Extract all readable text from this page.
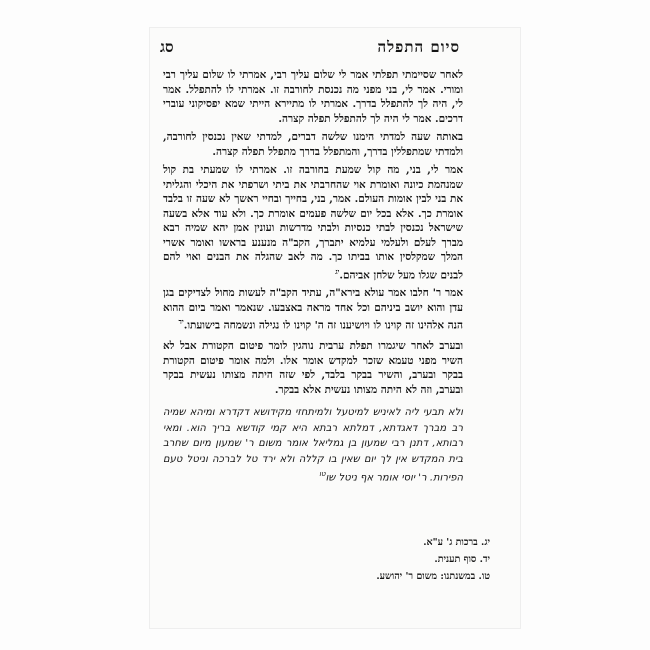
סיום התפלה
סג

לאחר שסיימתי תפלתי אמר לי שלום עליך רבי, אמרתי לו שלום עליך רבי ומורי. אמר לי, בני מפני מה נכנסת לחורבה זו. אמרתי לו להתפלל. אמר לי, היה לך להתפלל בדרך. אמרתי לו מתיירא הייתי שמא יפסיקוני עוברי דרכים. אמר לי היה לך להתפלל תפלה קצרה.

באותה שעה למדתי הימנו שלשה דברים, למדתי שאין נכנסין לחורבה, ולמדתי שמתפללין בדרך, והמתפלל בדרך מתפלל תפלה קצרה.

אמר לי, בני, מה קול שמעת בחורבה זו. אמרתי לו שמעתי בת קול שמנהמת כיונה ואומרת אוי שהחרבתי את ביתי ושרפתי את היכלי והגליתי את בני לבין אומות העולם. אמר, בני, בחייך ובחיי ראשך לא שעה זו בלבד אומרת כך. אלא בכל יום שלשה פעמים אומרת כך. ולא עוד אלא בשעה שישראל נכנסין לבתי כנסיות ולבתי מדרשות ועונין אמן יהא שמיה רבא מברך לעלם ולעלמי עלמיא יתברך, הקב"ה מנענע בראשו ואומר אשרי המלך שמקלסין אותו בביתו כך. מה לאב שהגלה את הבנים ואוי להם לבנים שגלו מעל שלחן אביהם.$^{יג}$

אמר ר' חלבו אמר עולא בירא"ה, עתיד הקב"ה לעשות מחול לצדיקים בגן עדן והוא יושב ביניהם וכל אחד מראה באצבעו. שנאמר ואמר ביום ההוא הנה אלהינו זה קוינו לו ויושיענו זה ה' קוינו לו נגילה ונשמחה בישועתו.$^{יד}$

ובערב לאחר שיגמרו תפלת ערבית נוהגין לומר פיטום הקטורת אבל לא השיר מפני טעמא שזכר למקדש אומר אלו. ולמה אומר פיטום הקטורת בבקר ובערב, והשיר בבקר בלבד, לפי שזה היתה מצותו נעשית בבקר ובערב, וזה לא היתה מצותו נעשית אלא בבקר.

ולא תבעי ליה לאיניש למיטעל ולמיתחזי מקידושא דקדרא ומיהא שמיה רב מברך דאגדתא, דמלתא רבתא היא קמי קודשא בריך הוא. ומאי רבותא, דתנן רבי שמעון בן גמליאל אומר משום ר' שמעון מיום שחרב בית המקדש אין לך יום שאין בו קללה ולא ירד טל לברכה וניטל טעם הפירות. ר' יוסי אומר אף ניטל שו$^{טו}$

יג. ברכות ג' ע"א.
יד. סוף תענית.
טו. במשנתנו: משום ר' יהושע.
